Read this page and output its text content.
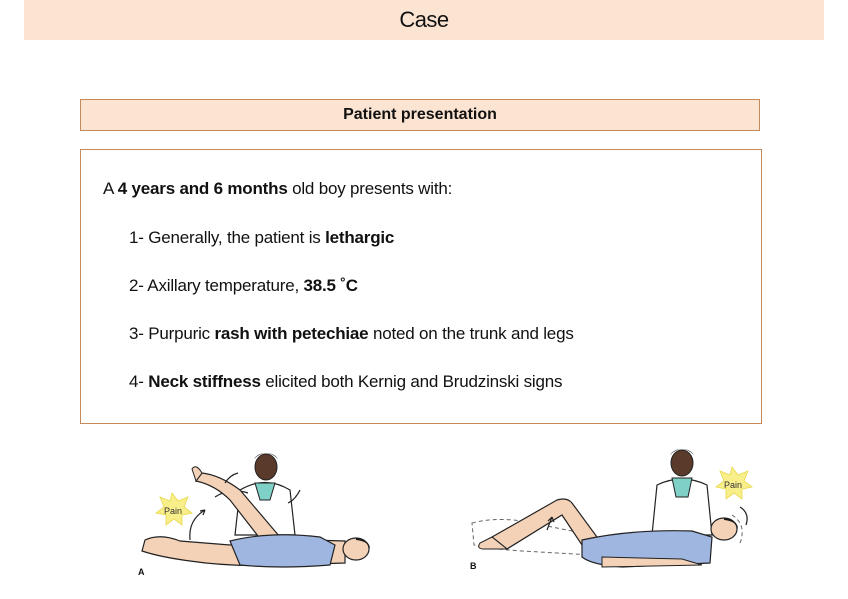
Case
Patient presentation
A 4 years and 6 months old boy presents with:
1- Generally, the patient is lethargic
2- Axillary temperature, 38.5 ˚C
3- Purpuric rash with petechiae noted on the trunk and legs
4- Neck stiffness elicited both Kernig and Brudzinski signs
Pain
A
Pain
B
